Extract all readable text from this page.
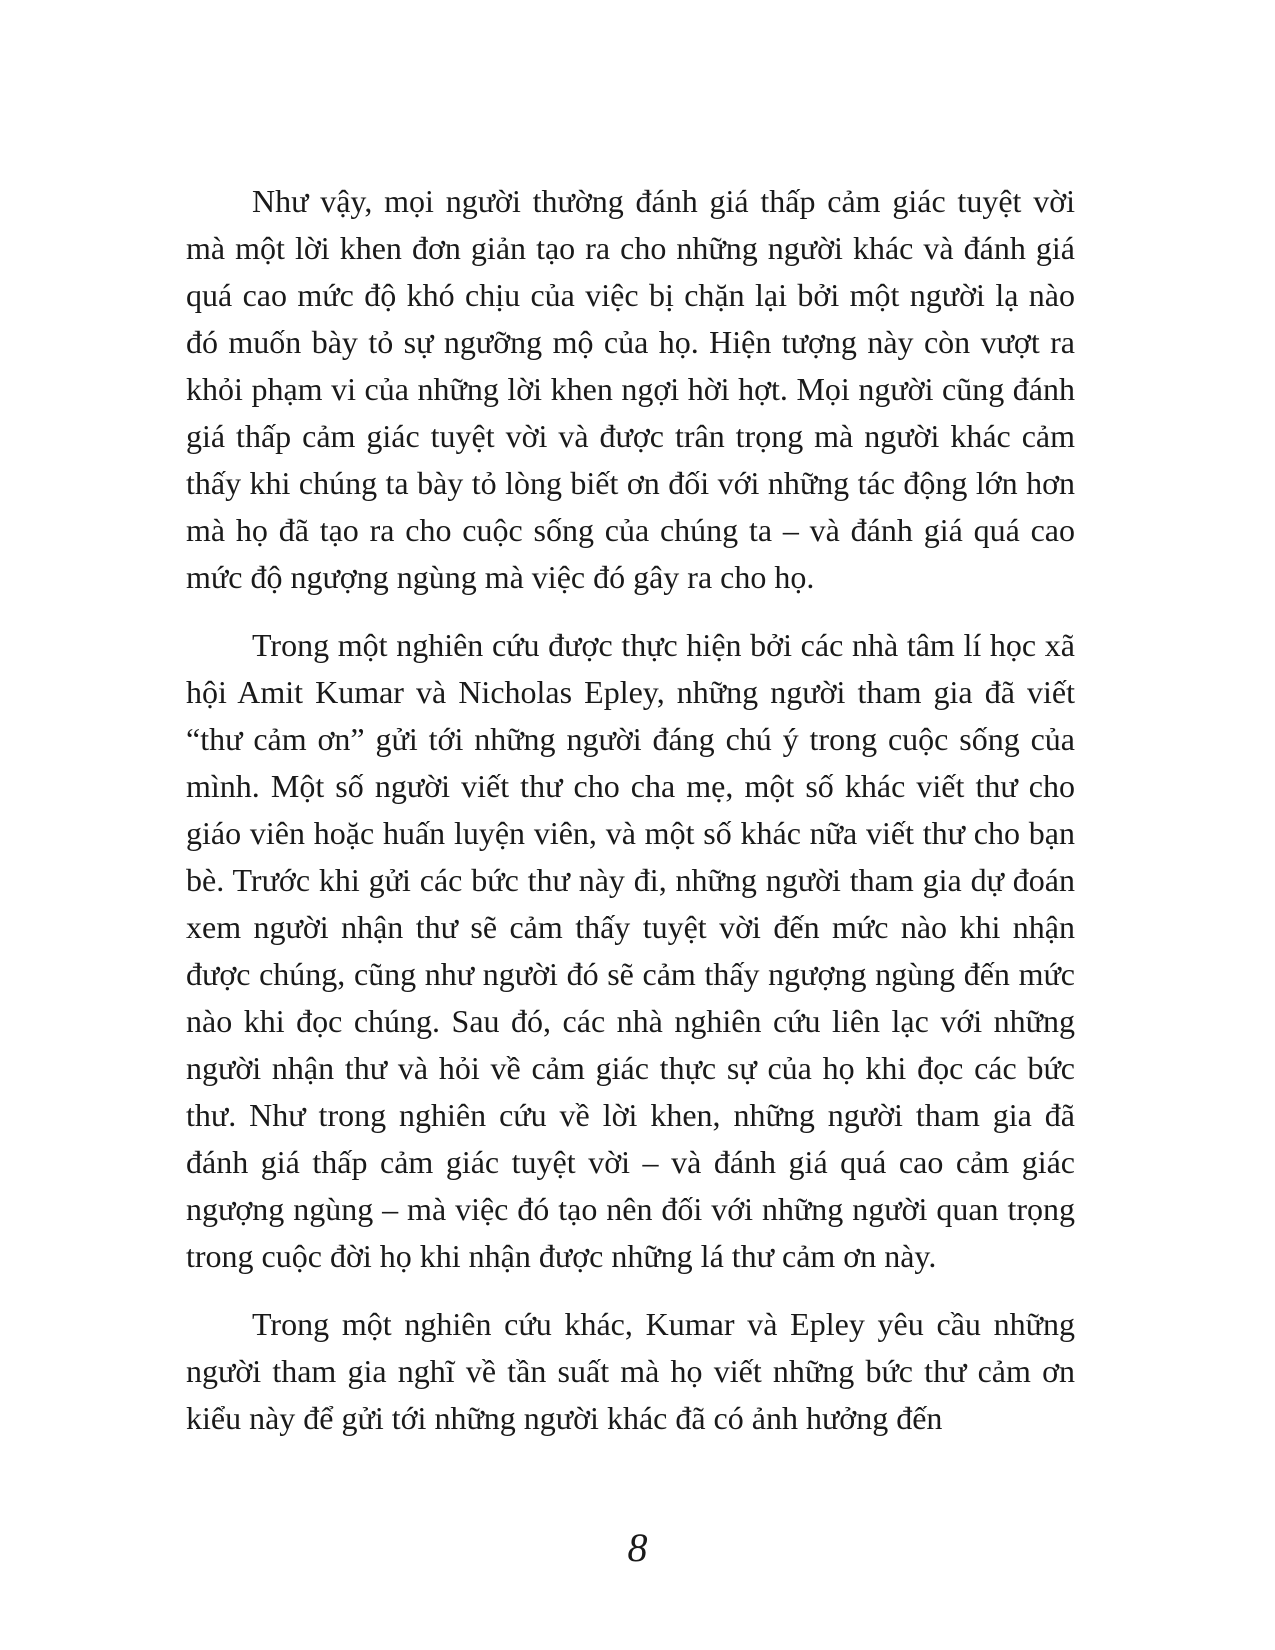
Như vậy, mọi người thường đánh giá thấp cảm giác tuyệt vời mà một lời khen đơn giản tạo ra cho những người khác và đánh giá quá cao mức độ khó chịu của việc bị chặn lại bởi một người lạ nào đó muốn bày tỏ sự ngưỡng mộ của họ. Hiện tượng này còn vượt ra khỏi phạm vi của những lời khen ngợi hời hợt. Mọi người cũng đánh giá thấp cảm giác tuyệt vời và được trân trọng mà người khác cảm thấy khi chúng ta bày tỏ lòng biết ơn đối với những tác động lớn hơn mà họ đã tạo ra cho cuộc sống của chúng ta – và đánh giá quá cao mức độ ngượng ngùng mà việc đó gây ra cho họ.

Trong một nghiên cứu được thực hiện bởi các nhà tâm lí học xã hội Amit Kumar và Nicholas Epley, những người tham gia đã viết “thư cảm ơn” gửi tới những người đáng chú ý trong cuộc sống của mình. Một số người viết thư cho cha mẹ, một số khác viết thư cho giáo viên hoặc huấn luyện viên, và một số khác nữa viết thư cho bạn bè. Trước khi gửi các bức thư này đi, những người tham gia dự đoán xem người nhận thư sẽ cảm thấy tuyệt vời đến mức nào khi nhận được chúng, cũng như người đó sẽ cảm thấy ngượng ngùng đến mức nào khi đọc chúng. Sau đó, các nhà nghiên cứu liên lạc với những người nhận thư và hỏi về cảm giác thực sự của họ khi đọc các bức thư. Như trong nghiên cứu về lời khen, những người tham gia đã đánh giá thấp cảm giác tuyệt vời – và đánh giá quá cao cảm giác ngượng ngùng – mà việc đó tạo nên đối với những người quan trọng trong cuộc đời họ khi nhận được những lá thư cảm ơn này.

Trong một nghiên cứu khác, Kumar và Epley yêu cầu những người tham gia nghĩ về tần suất mà họ viết những bức thư cảm ơn kiểu này để gửi tới những người khác đã có ảnh hưởng đến

8
